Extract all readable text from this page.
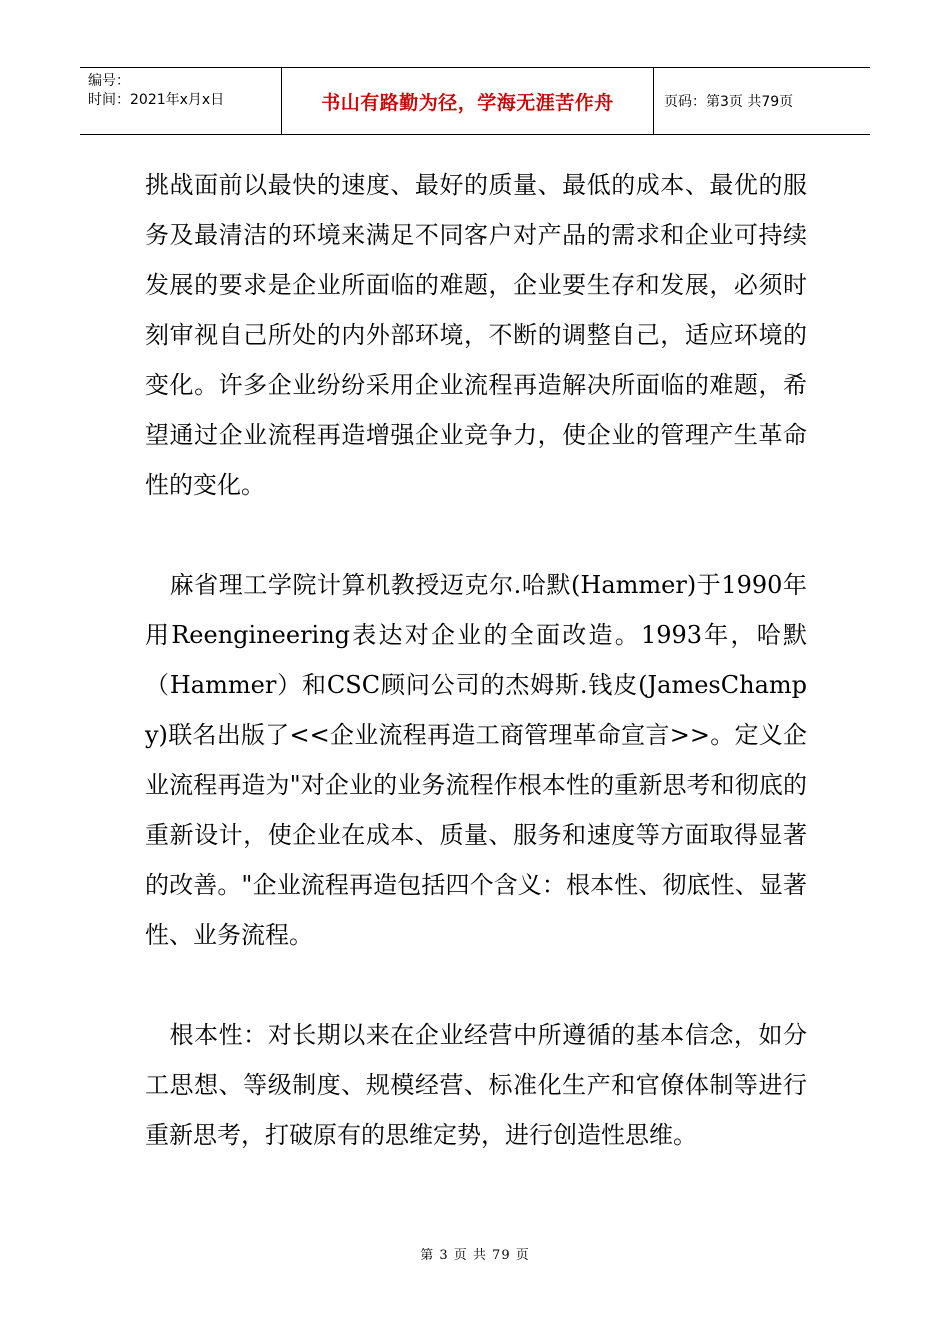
编号：
时间：2021年x月x日	书山有路勤为径，学海无涯苦作舟	页码：第3页 共79页

挑战面前以最快的速度、最好的质量、最低的成本、最优的服务及最清洁的环境来满足不同客户对产品的需求和企业可持续发展的要求是企业所面临的难题，企业要生存和发展，必须时刻审视自己所处的内外部环境，不断的调整自己，适应环境的变化。许多企业纷纷采用企业流程再造解决所面临的难题，希望通过企业流程再造增强企业竞争力，使企业的管理产生革命性的变化。

　麻省理工学院计算机教授迈克尔.哈默(Hammer)于1990年用Reengineering表达对企业的全面改造。1993年，哈默（Hammer）和CSC顾问公司的杰姆斯.钱皮(JamesChampy)联名出版了<<企业流程再造工商管理革命宣言>>。定义企业流程再造为"对企业的业务流程作根本性的重新思考和彻底的重新设计，使企业在成本、质量、服务和速度等方面取得显著的改善。"企业流程再造包括四个含义：根本性、彻底性、显著性、业务流程。

　根本性：对长期以来在企业经营中所遵循的基本信念，如分工思想、等级制度、规模经营、标准化生产和官僚体制等进行重新思考，打破原有的思维定势，进行创造性思维。

第 3 页 共 79 页
